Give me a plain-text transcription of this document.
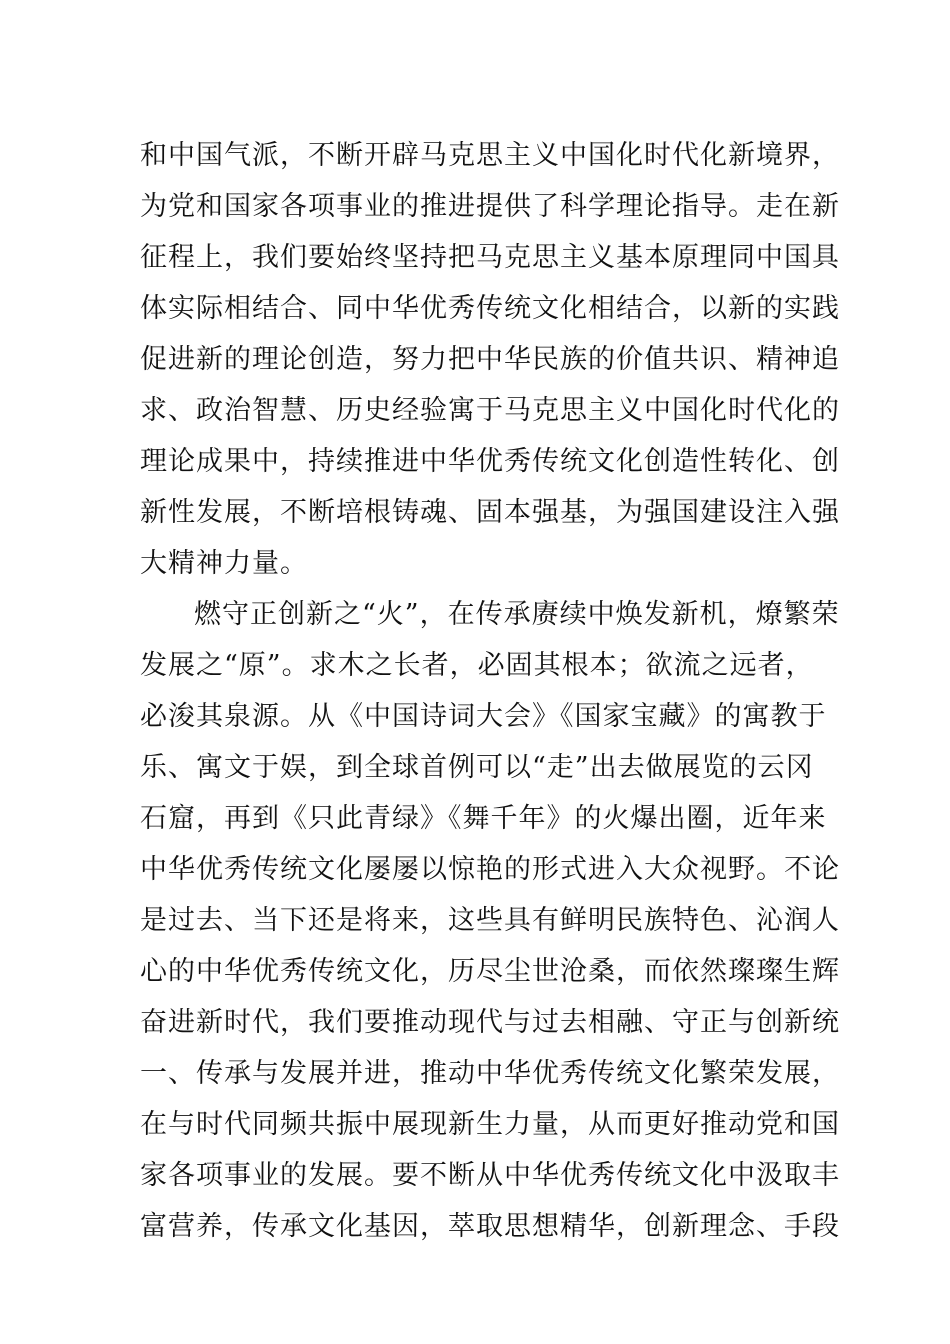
和中国气派，不断开辟马克思主义中国化时代化新境界，
为党和国家各项事业的推进提供了科学理论指导。走在新
征程上，我们要始终坚持把马克思主义基本原理同中国具
体实际相结合、同中华优秀传统文化相结合，以新的实践
促进新的理论创造，努力把中华民族的价值共识、精神追
求、政治智慧、历史经验寓于马克思主义中国化时代化的
理论成果中，持续推进中华优秀传统文化创造性转化、创
新性发展，不断培根铸魂、固本强基，为强国建设注入强
大精神力量。
燃守正创新之“火”，在传承赓续中焕发新机，燎繁荣
发展之“原”。求木之长者，必固其根本；欲流之远者，
必浚其泉源。从《中国诗词大会》《国家宝藏》的寓教于
乐、寓文于娱，到全球首例可以“走”出去做展览的云冈
石窟，再到《只此青绿》《舞千年》的火爆出圈，近年来
中华优秀传统文化屡屡以惊艳的形式进入大众视野。不论
是过去、当下还是将来，这些具有鲜明民族特色、沁润人
心的中华优秀传统文化，历尽尘世沧桑，而依然璨璨生辉
奋进新时代，我们要推动现代与过去相融、守正与创新统
一、传承与发展并进，推动中华优秀传统文化繁荣发展，
在与时代同频共振中展现新生力量，从而更好推动党和国
家各项事业的发展。要不断从中华优秀传统文化中汲取丰
富营养，传承文化基因，萃取思想精华，创新理念、手段
